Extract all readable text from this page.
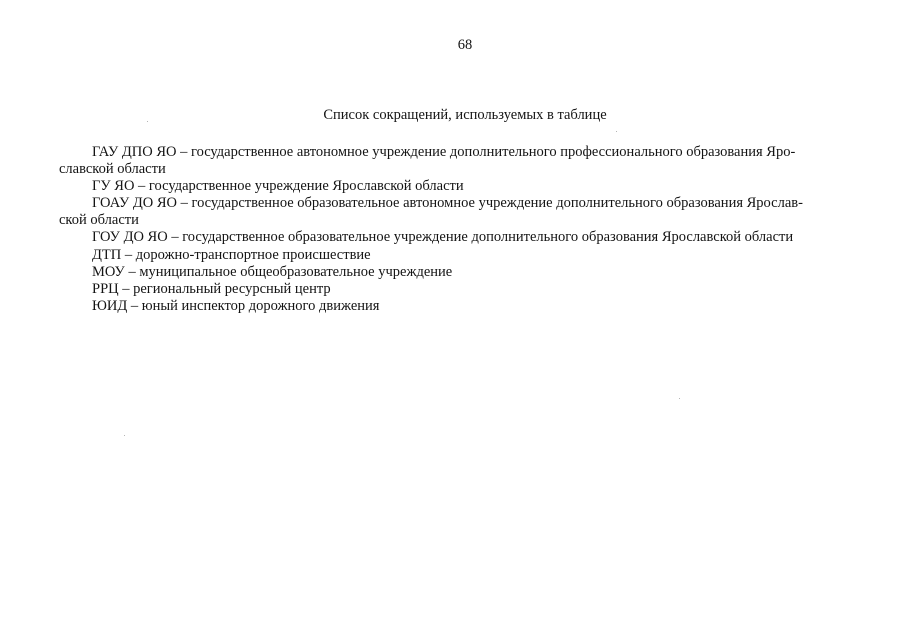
68
Список сокращений, используемых в таблице
ГАУ ДПО ЯО – государственное автономное учреждение дополнительного профессионального образования Яро-
славской области
ГУ ЯО – государственное учреждение Ярославской области
ГОАУ ДО ЯО – государственное образовательное автономное учреждение дополнительного образования Ярослав-
ской области
ГОУ ДО ЯО – государственное образовательное учреждение дополнительного образования Ярославской области
ДТП – дорожно-транспортное происшествие
МОУ – муниципальное общеобразовательное учреждение
РРЦ – региональный ресурсный центр
ЮИД – юный инспектор дорожного движения
